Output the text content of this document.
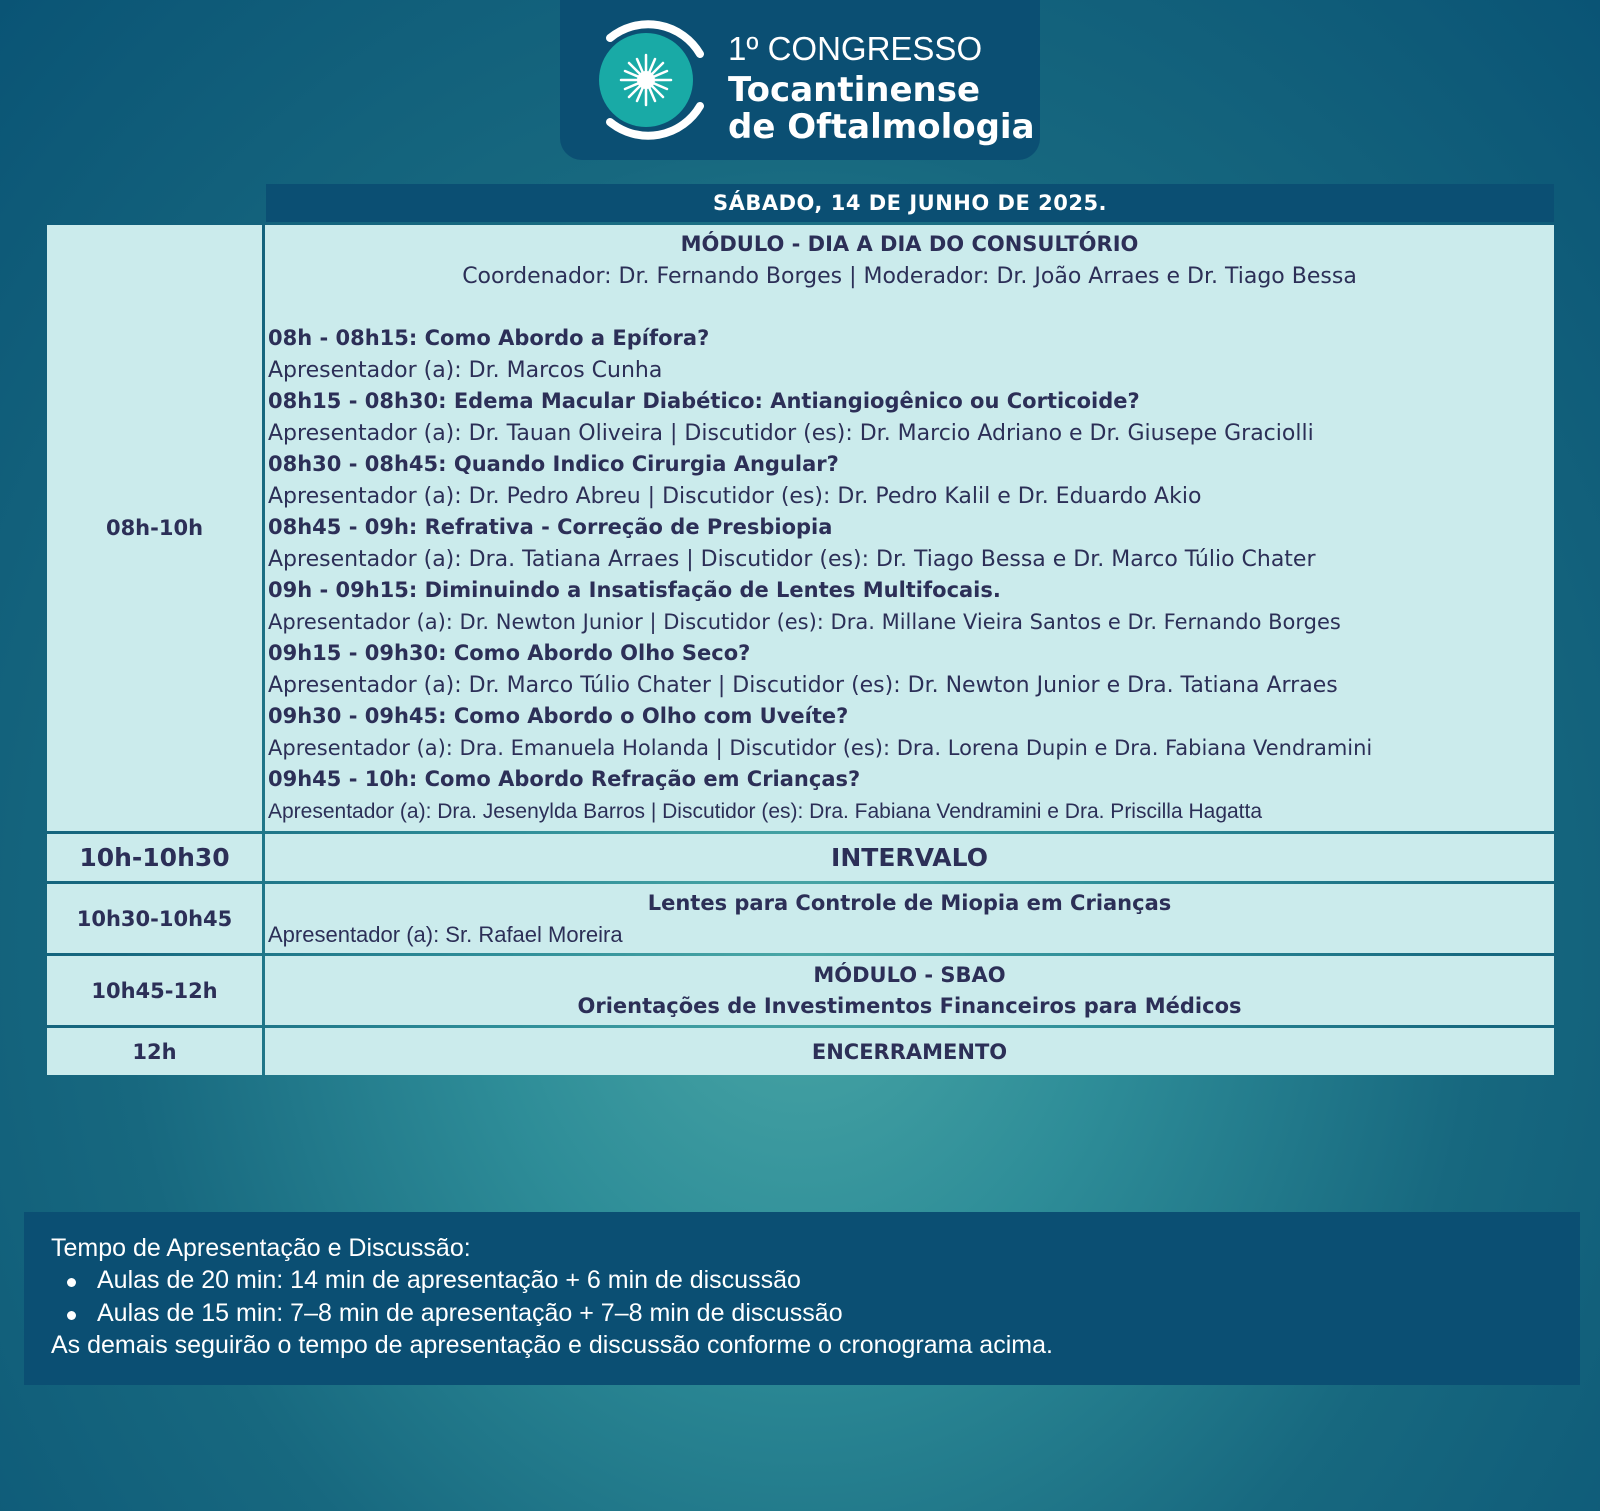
1º CONGRESSO
Tocantinense
de Oftalmologia
SÁBADO, 14 DE JUNHO DE 2025.
08h-10h
MÓDULO - DIA A DIA DO CONSULTÓRIO
Coordenador: Dr. Fernando Borges | Moderador: Dr. João Arraes e Dr. Tiago Bessa
08h - 08h15: Como Abordo a Epífora?
Apresentador (a): Dr. Marcos Cunha
08h15 - 08h30: Edema Macular Diabético: Antiangiogênico ou Corticoide?
Apresentador (a): Dr. Tauan Oliveira | Discutidor (es): Dr. Marcio Adriano e Dr. Giusepe Graciolli
08h30 - 08h45: Quando Indico Cirurgia Angular?
Apresentador (a): Dr. Pedro Abreu | Discutidor (es): Dr. Pedro Kalil e Dr. Eduardo Akio
08h45 - 09h: Refrativa - Correção de Presbiopia
Apresentador (a): Dra. Tatiana Arraes | Discutidor (es): Dr. Tiago Bessa e Dr. Marco Túlio Chater
09h - 09h15: Diminuindo a Insatisfação de Lentes Multifocais.
Apresentador (a): Dr. Newton Junior | Discutidor (es): Dra. Millane Vieira Santos e Dr. Fernando Borges
09h15 - 09h30: Como Abordo Olho Seco?
Apresentador (a): Dr. Marco Túlio Chater | Discutidor (es): Dr. Newton Junior e Dra. Tatiana Arraes
09h30 - 09h45: Como Abordo o Olho com Uveíte?
Apresentador (a): Dra. Emanuela Holanda | Discutidor (es): Dra. Lorena Dupin e Dra. Fabiana Vendramini
09h45 - 10h: Como Abordo Refração em Crianças?
Apresentador (a): Dra. Jesenylda Barros | Discutidor (es): Dra. Fabiana Vendramini e Dra. Priscilla Hagatta
10h-10h30	INTERVALO
10h30-10h45
Lentes para Controle de Miopia em Crianças
Apresentador (a): Sr. Rafael Moreira
10h45-12h
MÓDULO - SBAO
Orientações de Investimentos Financeiros para Médicos
12h	ENCERRAMENTO
Tempo de Apresentação e Discussão:
Aulas de 20 min: 14 min de apresentação + 6 min de discussão
Aulas de 15 min: 7–8 min de apresentação + 7–8 min de discussão
As demais seguirão o tempo de apresentação e discussão conforme o cronograma acima.
